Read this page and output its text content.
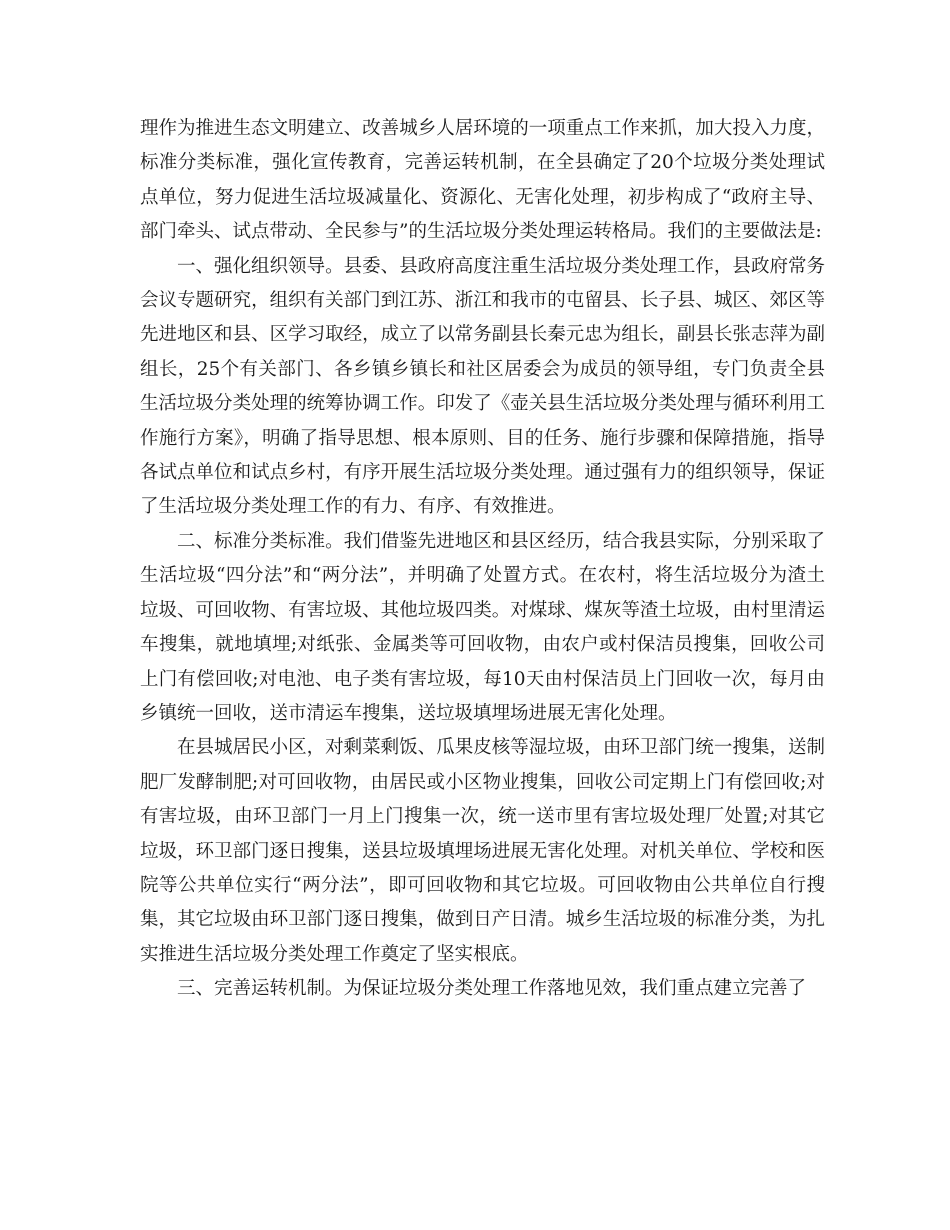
理作为推进生态文明建立、改善城乡人居环境的一项重点工作来抓，加大投入力度，标准分类标准，强化宣传教育，完善运转机制，在全县确定了20个垃圾分类处理试点单位，努力促进生活垃圾减量化、资源化、无害化处理，初步构成了“政府主导、部门牵头、试点带动、全民参与”的生活垃圾分类处理运转格局。我们的主要做法是:

一、强化组织领导。县委、县政府高度注重生活垃圾分类处理工作，县政府常务会议专题研究，组织有关部门到江苏、浙江和我市的屯留县、长子县、城区、郊区等先进地区和县、区学习取经，成立了以常务副县长秦元忠为组长，副县长张志萍为副组长，25个有关部门、各乡镇乡镇长和社区居委会为成员的领导组，专门负责全县生活垃圾分类处理的统筹协调工作。印发了《壶关县生活垃圾分类处理与循环利用工作施行方案》，明确了指导思想、根本原则、目的任务、施行步骤和保障措施，指导各试点单位和试点乡村，有序开展生活垃圾分类处理。通过强有力的组织领导，保证了生活垃圾分类处理工作的有力、有序、有效推进。

二、标准分类标准。我们借鉴先进地区和县区经历，结合我县实际，分别采取了生活垃圾“四分法”和“两分法”，并明确了处置方式。在农村，将生活垃圾分为渣土垃圾、可回收物、有害垃圾、其他垃圾四类。对煤球、煤灰等渣土垃圾，由村里清运车搜集，就地填埋;对纸张、金属类等可回收物，由农户或村保洁员搜集，回收公司上门有偿回收;对电池、电子类有害垃圾，每10天由村保洁员上门回收一次，每月由乡镇统一回收，送市清运车搜集，送垃圾填埋场进展无害化处理。

在县城居民小区，对剩菜剩饭、瓜果皮核等湿垃圾，由环卫部门统一搜集，送制肥厂发酵制肥;对可回收物，由居民或小区物业搜集，回收公司定期上门有偿回收;对有害垃圾，由环卫部门一月上门搜集一次，统一送市里有害垃圾处理厂处置;对其它垃圾，环卫部门逐日搜集，送县垃圾填埋场进展无害化处理。对机关单位、学校和医院等公共单位实行“两分法”，即可回收物和其它垃圾。可回收物由公共单位自行搜集，其它垃圾由环卫部门逐日搜集，做到日产日清。城乡生活垃圾的标准分类，为扎实推进生活垃圾分类处理工作奠定了坚实根底。

三、完善运转机制。为保证垃圾分类处理工作落地见效，我们重点建立完善了
